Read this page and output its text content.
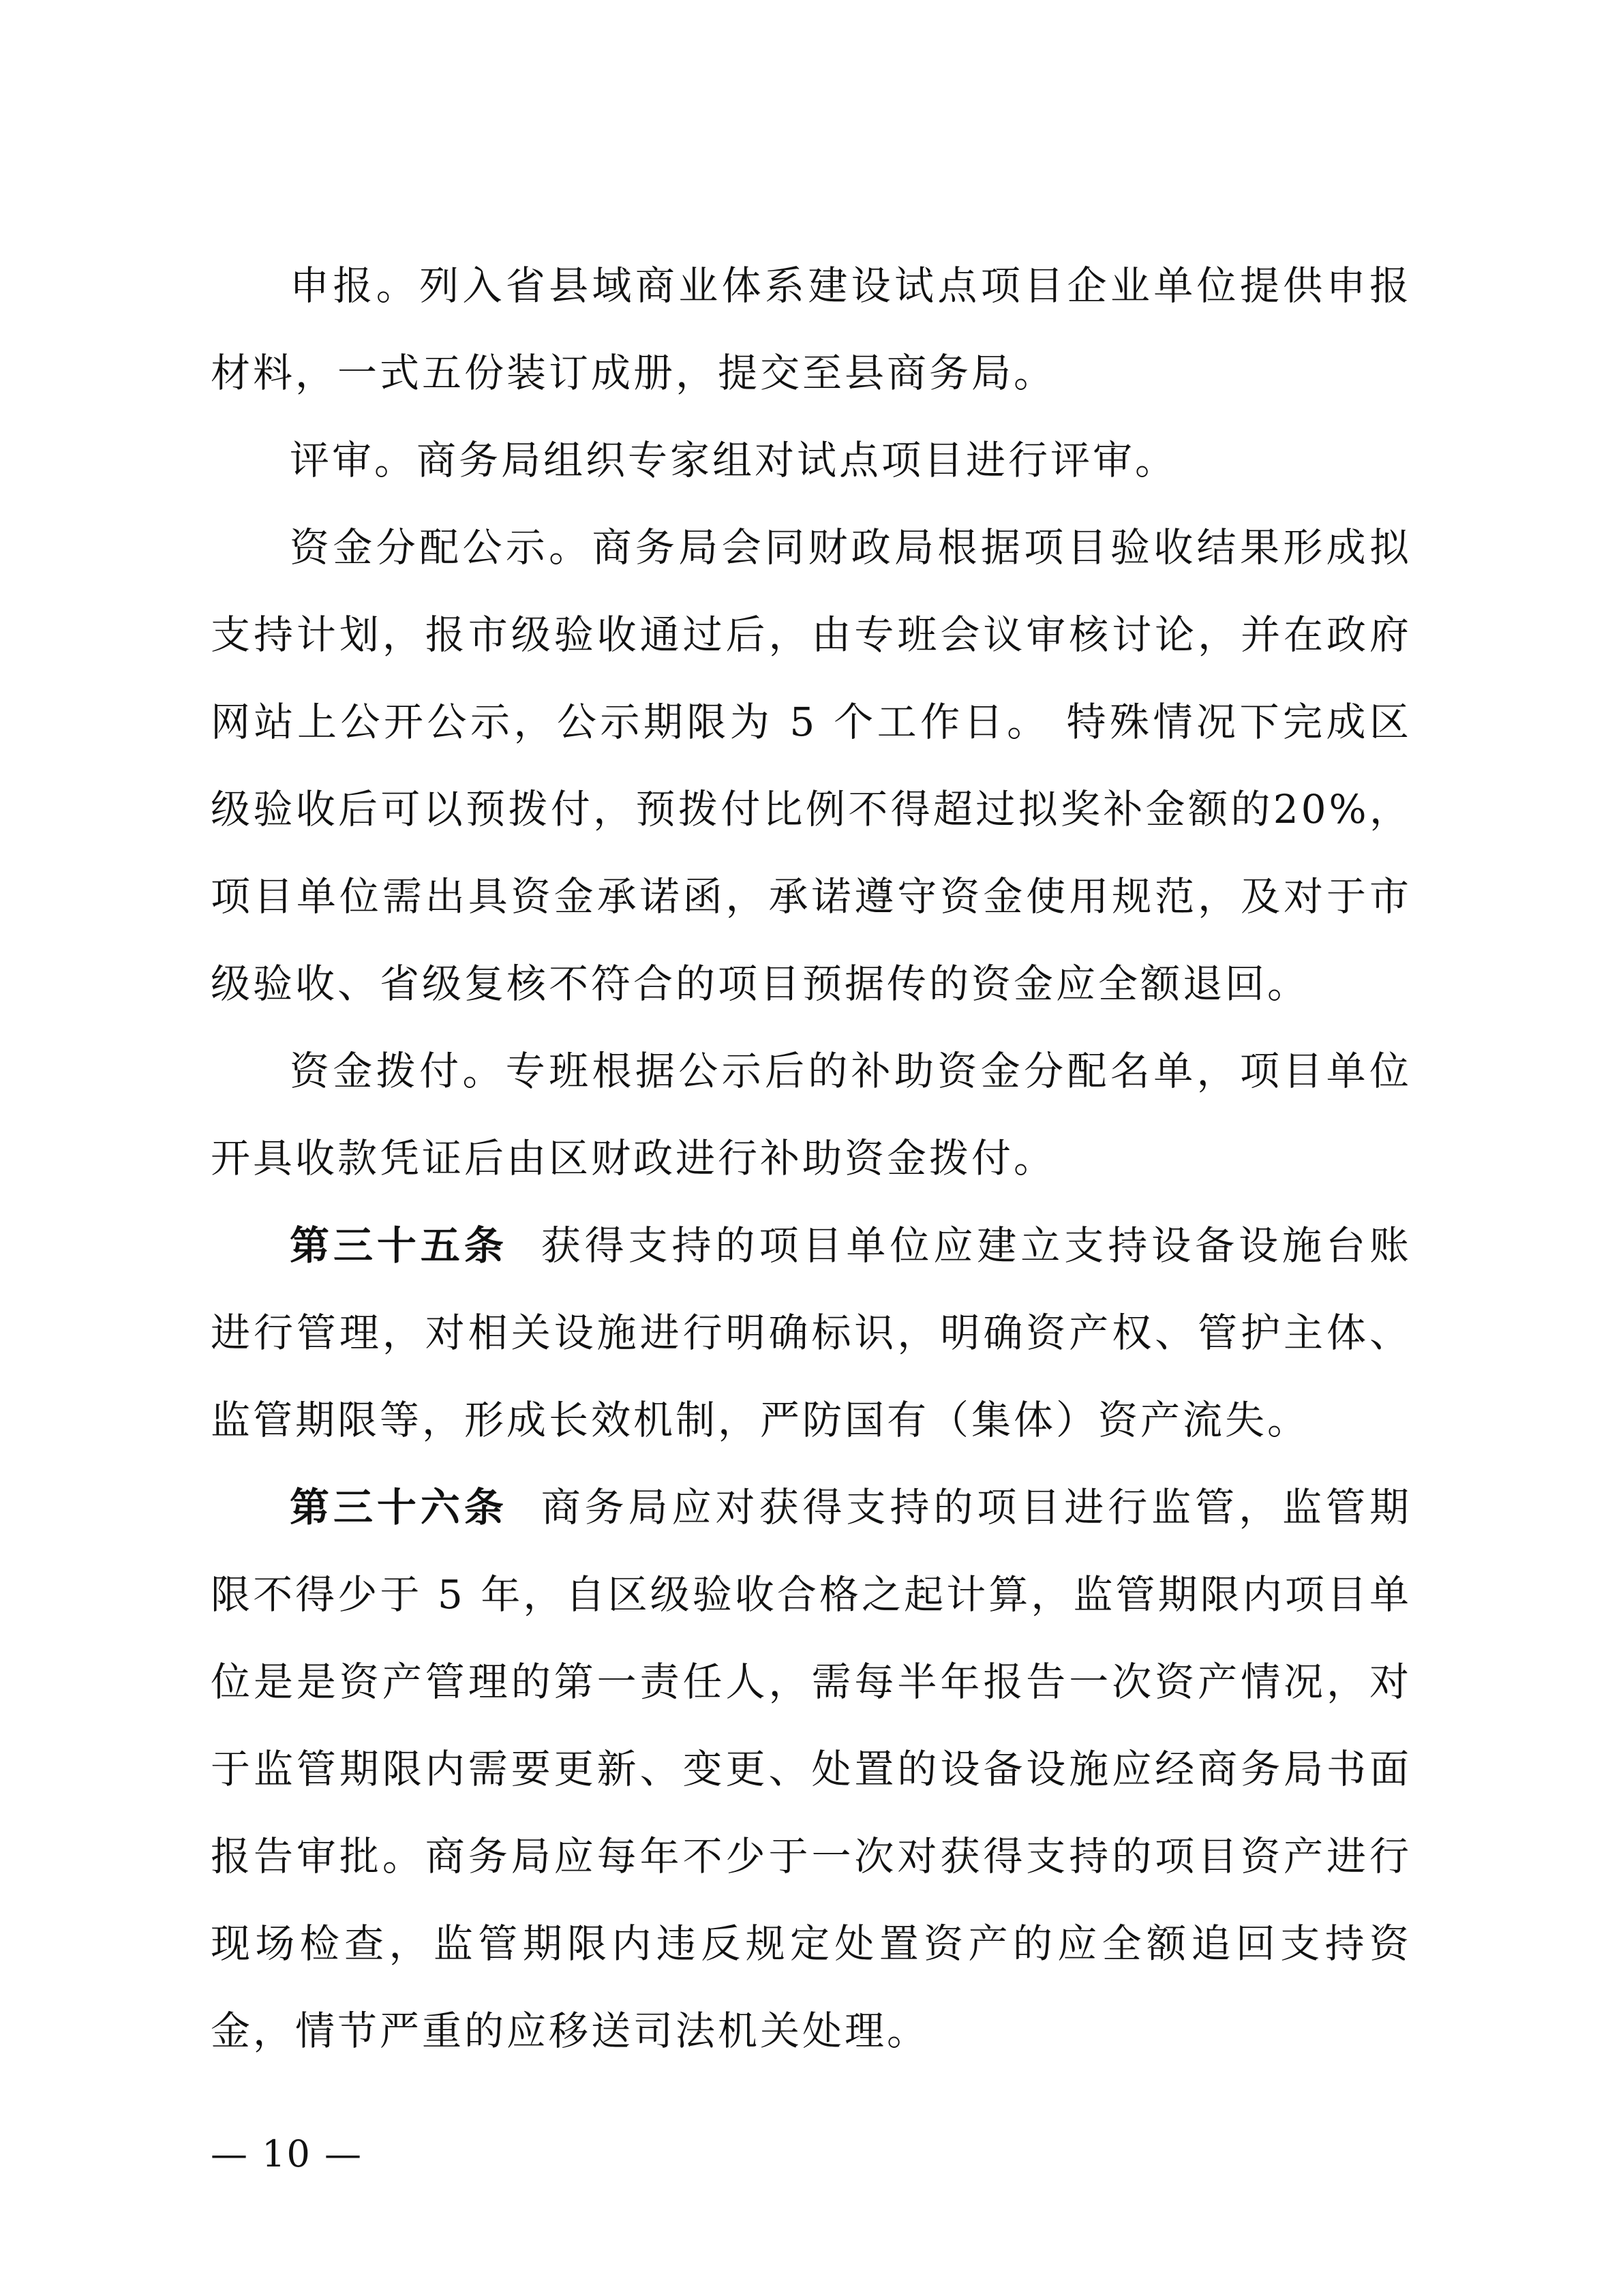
申报。列入省县域商业体系建设试点项目企业单位提供申报材料，一式五份装订成册，提交至县商务局。

评审。商务局组织专家组对试点项目进行评审。

资金分配公示。商务局会同财政局根据项目验收结果形成拟支持计划，报市级验收通过后，由专班会议审核讨论，并在政府网站上公开公示，公示期限为 5 个工作日。 特殊情况下完成区级验收后可以预拨付，预拨付比例不得超过拟奖补金额的20%，项目单位需出具资金承诺函，承诺遵守资金使用规范，及对于市级验收、省级复核不符合的项目预据传的资金应全额退回。

资金拨付。专班根据公示后的补助资金分配名单，项目单位开具收款凭证后由区财政进行补助资金拨付。

第三十五条 获得支持的项目单位应建立支持设备设施台账进行管理，对相关设施进行明确标识，明确资产权、管护主体、监管期限等，形成长效机制，严防国有（集体）资产流失。

第三十六条 商务局应对获得支持的项目进行监管，监管期限不得少于 5 年，自区级验收合格之起计算，监管期限内项目单位是是资产管理的第一责任人，需每半年报告一次资产情况，对于监管期限内需要更新、变更、处置的设备设施应经商务局书面报告审批。商务局应每年不少于一次对获得支持的项目资产进行现场检查，监管期限内违反规定处置资产的应全额追回支持资金，情节严重的应移送司法机关处理。

— 10 —
